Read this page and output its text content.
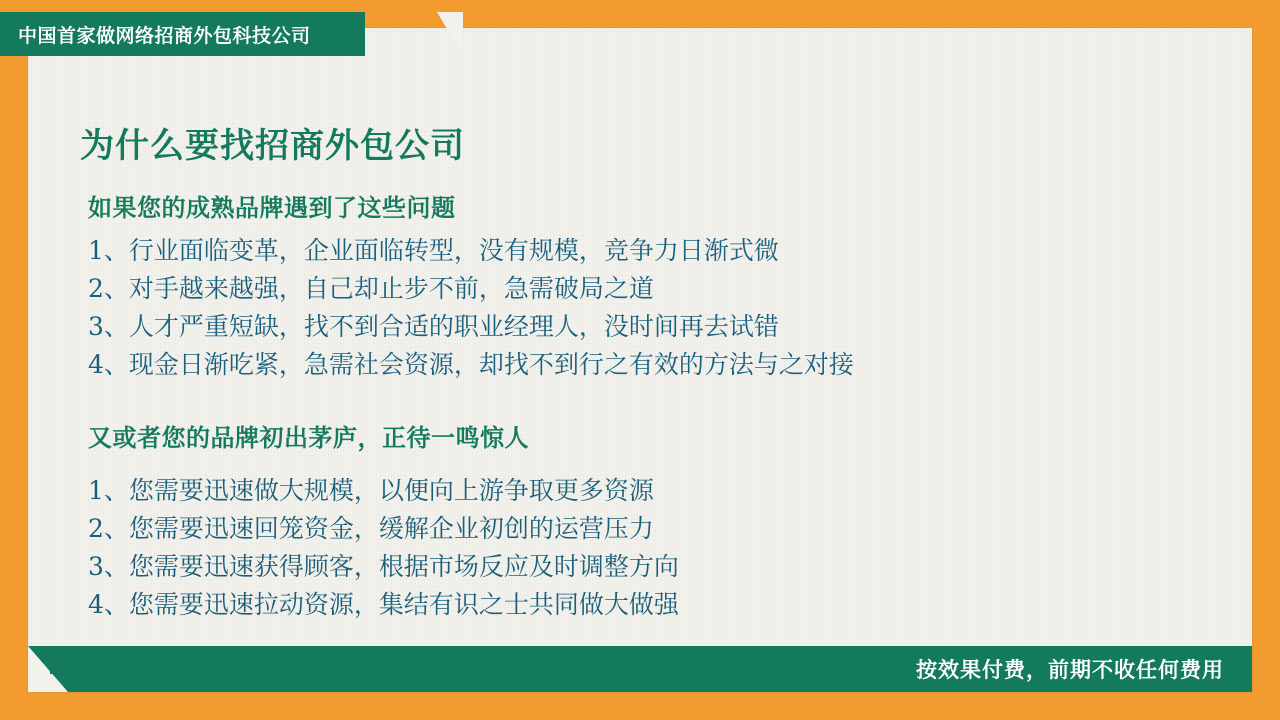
中国首家做网络招商外包科技公司
为什么要找招商外包公司
如果您的成熟品牌遇到了这些问题
1、行业面临变革，企业面临转型，没有规模，竞争力日渐式微
2、对手越来越强，自己却止步不前，急需破局之道
3、人才严重短缺，找不到合适的职业经理人，没时间再去试错
4、现金日渐吃紧，急需社会资源，却找不到行之有效的方法与之对接
又或者您的品牌初出茅庐，正待一鸣惊人
1、您需要迅速做大规模，以便向上游争取更多资源
2、您需要迅速回笼资金，缓解企业初创的运营压力
3、您需要迅速获得顾客，根据市场反应及时调整方向
4、您需要迅速拉动资源，集结有识之士共同做大做强
按效果付费，前期不收任何费用
